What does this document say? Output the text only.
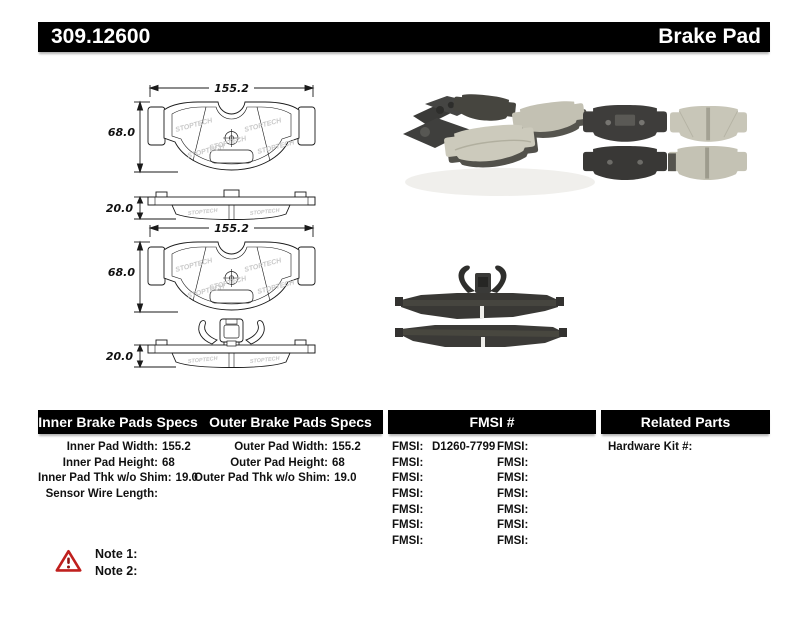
309.12600	Brake Pad
155.2
68.0	STOPTECH
STOPTECH
STOPTECH
STOPTECH
STOPTECH
20.0	STOPTECH	STOPTECH
Inner Brake Pads Specs Outer Brake Pads Specs	FMSI #	Related Parts
Inner Pad Width: 155.2
Inner Pad Height: 68
Inner Pad Thk w/o Shim: 19.0
Sensor Wire Length:
Outer Pad Width: 155.2
Outer Pad Height: 68
Outer Pad Thk w/o Shim: 19.0
FMSI: D1260-7799
FMSI:
FMSI:
FMSI:
FMSI:
FMSI:
FMSI:
FMSI:
FMSI:
FMSI:
FMSI:
FMSI:
FMSI:
FMSI:
Hardware Kit #:
Note 1:
Note 2:
